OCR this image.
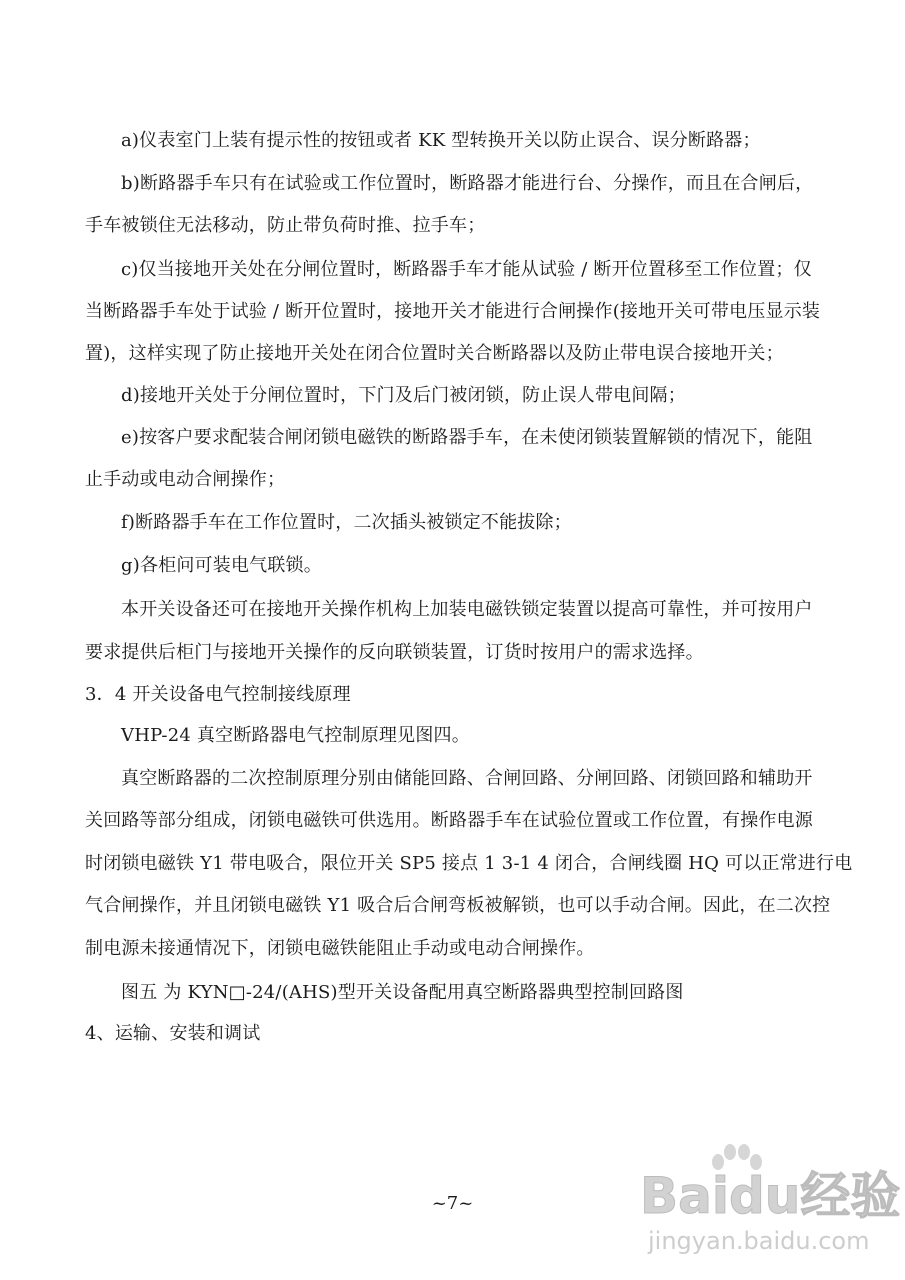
a)仪表室门上装有提示性的按钮或者 KK 型转换开关以防止误合、误分断路器；
b)断路器手车只有在试验或工作位置时，断路器才能进行台、分操作，而且在合闸后，
手车被锁住无法移动，防止带负荷时推、拉手车；
c)仅当接地开关处在分闸位置时，断路器手车才能从试验 / 断开位置移至工作位置；仅
当断路器手车处于试验 / 断开位置时，接地开关才能进行合闸操作(接地开关可带电压显示装
置)，这样实现了防止接地开关处在闭合位置时关合断路器以及防止带电误合接地开关；
d)接地开关处于分闸位置时，下门及后门被闭锁，防止误人带电间隔；
e)按客户要求配装合闸闭锁电磁铁的断路器手车，在未使闭锁装置解锁的情况下，能阻
止手动或电动合闸操作；
f)断路器手车在工作位置时，二次插头被锁定不能拔除；
g)各柜问可装电气联锁。
本开关设备还可在接地开关操作机构上加装电磁铁锁定装置以提高可靠性，并可按用户
要求提供后柜门与接地开关操作的反向联锁装置，订货时按用户的需求选择。
3．4 开关设备电气控制接线原理
VHP-24 真空断路器电气控制原理见图四。
真空断路器的二次控制原理分别由储能回路、合闸回路、分闸回路、闭锁回路和辅助开
关回路等部分组成，闭锁电磁铁可供选用。断路器手车在试验位置或工作位置，有操作电源
时闭锁电磁铁 Y1 带电吸合，限位开关 SP5 接点 1 3-1 4 闭合，合闸线圈 HQ 可以正常进行电
气合闸操作，并且闭锁电磁铁 Y1 吸合后合闸弯板被解锁，也可以手动合闸。因此，在二次控
制电源未接通情况下，闭锁电磁铁能阻止手动或电动合闸操作。
图五 为 KYN□-24/(AHS)型开关设备配用真空断路器典型控制回路图
4、运输、安装和调试
~7~	Baidu经验
jingyan.baidu.com
